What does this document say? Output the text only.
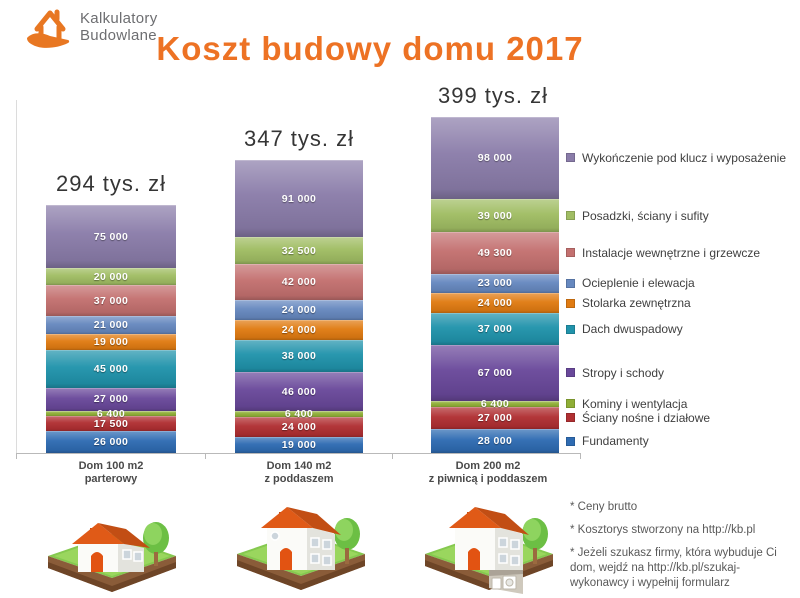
Kalkulatory
Budowlane Koszt budowy domu 2017
294 tys. zł
347 tys. zł
399 tys. zł
Dom 100 m2
parterowy
Dom 140 m2
z poddaszem
Dom 200 m2
z piwnicą i poddaszem
26 000
17 500
6 400
27 000
45 000
19 000
21 000
37 000
20 000
75 000
19 000
24 000
6 400
46 000
38 000
24 000
24 000
42 000
32 500
91 000
28 000
27 000
6 400
67 000
37 000
24 000
23 000
49 300
39 000
98 000	Wykończenie pod klucz i wyposażenie
Posadzki, ściany i sufity
Instalacje wewnętrzne i grzewcze
Ocieplenie i elewacja
Stolarka zewnętrzna
Dach dwuspadowy
Stropy i schody
Kominy i wentylacja
Ściany nośne i działowe
Fundamenty

* Ceny brutto

* Kosztorys stworzony na http://kb.pl

* Jeżeli szukasz firmy, która wybuduje Ci dom, wejdź na http://kb.pl/szukaj-wykonawcy i wypełnij formularz
